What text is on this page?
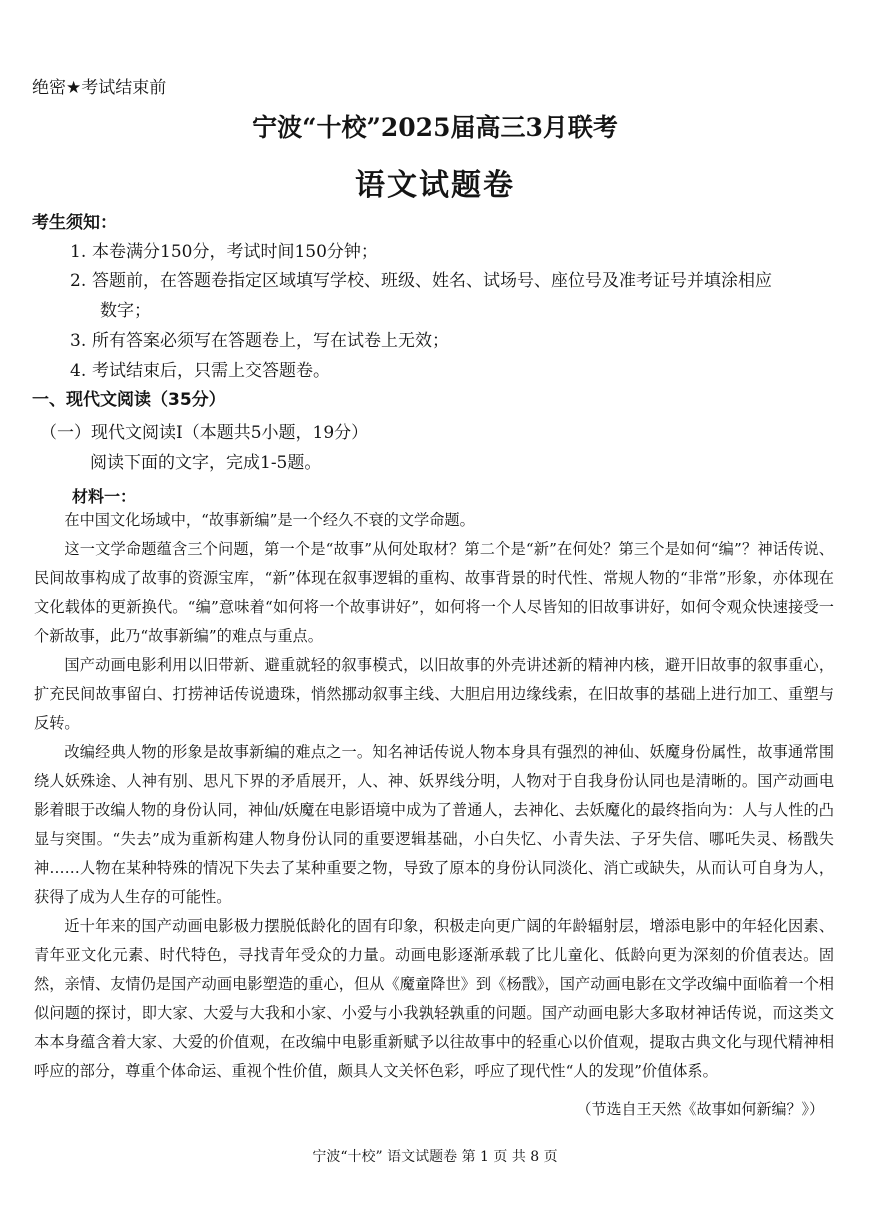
绝密★考试结束前
宁波“十校”2025届高三3月联考
语文试题卷
考生须知：
1. 本卷满分150分，考试时间150分钟；
2. 答题前，在答题卷指定区域填写学校、班级、姓名、试场号、座位号及准考证号并填涂相应
数字；
3. 所有答案必须写在答题卷上，写在试卷上无效；
4. 考试结束后，只需上交答题卷。
一、现代文阅读（35分）
（一）现代文阅读Ⅰ（本题共5小题，19分）
阅读下面的文字，完成1-5题。
材料一：

在中国文化场域中，“故事新编”是一个经久不衰的文学命题。

这一文学命题蕴含三个问题，第一个是“故事”从何处取材？第二个是“新”在何处？第三个是如何“编”？神话传说、民间故事构成了故事的资源宝库，“新”体现在叙事逻辑的重构、故事背景的时代性、常规人物的“非常”形象，亦体现在文化载体的更新换代。“编”意味着“如何将一个故事讲好”，如何将一个人尽皆知的旧故事讲好，如何令观众快速接受一个新故事，此乃“故事新编”的难点与重点。

国产动画电影利用以旧带新、避重就轻的叙事模式，以旧故事的外壳讲述新的精神内核，避开旧故事的叙事重心，扩充民间故事留白、打捞神话传说遗珠，悄然挪动叙事主线、大胆启用边缘线索，在旧故事的基础上进行加工、重塑与反转。

改编经典人物的形象是故事新编的难点之一。知名神话传说人物本身具有强烈的神仙、妖魔身份属性，故事通常围绕人妖殊途、人神有别、思凡下界的矛盾展开，人、神、妖界线分明，人物对于自我身份认同也是清晰的。国产动画电影着眼于改编人物的身份认同，神仙/妖魔在电影语境中成为了普通人，去神化、去妖魔化的最终指向为：人与人性的凸显与突围。“失去”成为重新构建人物身份认同的重要逻辑基础，小白失忆、小青失法、子牙失信、哪吒失灵、杨戬失神……人物在某种特殊的情况下失去了某种重要之物，导致了原本的身份认同淡化、消亡或缺失，从而认可自身为人，获得了成为人生存的可能性。

近十年来的国产动画电影极力摆脱低龄化的固有印象，积极走向更广阔的年龄辐射层，增添电影中的年轻化因素、青年亚文化元素、时代特色，寻找青年受众的力量。动画电影逐渐承载了比儿童化、低龄向更为深刻的价值表达。固然，亲情、友情仍是国产动画电影塑造的重心，但从《魔童降世》到《杨戬》，国产动画电影在文学改编中面临着一个相似问题的探讨，即大家、大爱与大我和小家、小爱与小我孰轻孰重的问题。国产动画电影大多取材神话传说，而这类文本本身蕴含着大家、大爱的价值观，在改编中电影重新赋予以往故事中的轻重心以价值观，提取古典文化与现代精神相呼应的部分，尊重个体命运、重视个性价值，颇具人文关怀色彩，呼应了现代性“人的发现”价值体系。

（节选自王天然《故事如何新编？》）
宁波“十校” 语文试题卷 第 1 页 共 8 页
